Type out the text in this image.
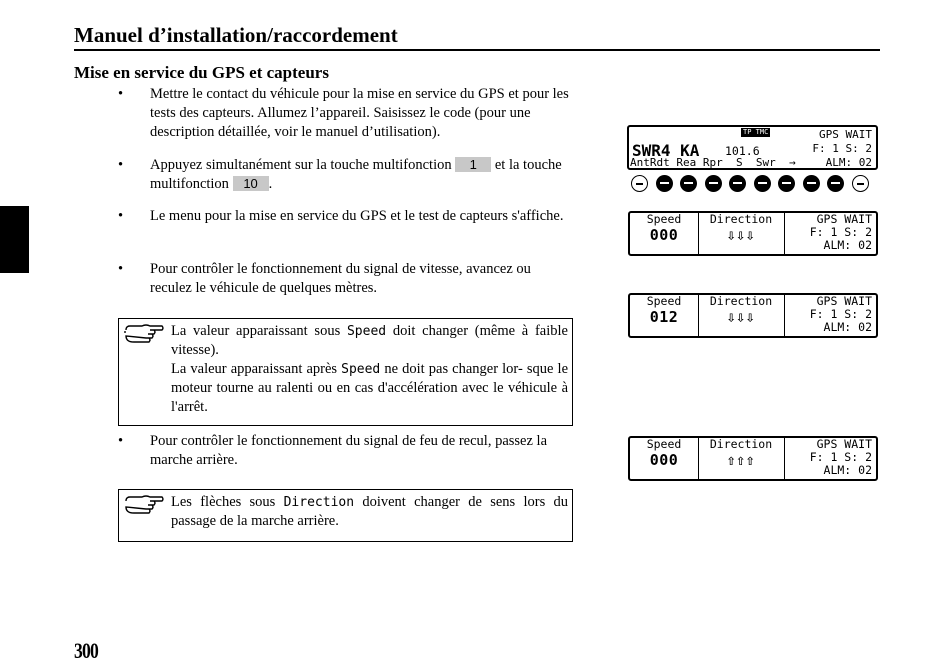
Manuel d’installation/raccordement
Mise en service du GPS et capteurs
• Mettre le contact du véhicule pour la mise en service du GPS et pour les tests des capteurs. Allumez l’appareil. Saisissez le code (pour une description détaillée, voir le manuel d’utilisation).
• Appuyez simultanément sur la touche multifonction 1 et la touche multifonction 10 .
• Le menu pour la mise en service du GPS et le test de capteurs s'affiche.
• Pour contrôler le fonctionnement du signal de vitesse, avancez ou reculez le véhicule de quelques mètres.
La valeur apparaissant sous Speed doit changer (même à faible vitesse).
La valeur apparaissant après Speed ne doit pas changer lor- sque le moteur tourne au ralenti ou en cas d'accélération avec le véhicule à l'arrêt.
• Pour contrôler le fonctionnement du signal de feu de recul, passez la marche arrière.
Les flèches sous Direction doivent changer de sens lors du passage de la marche arrière.
SWR4 KA
TP TMC
101.6
GPS WAIT
F: 1 S: 2
AntRdt Rea Rpr  S  Swr  →	ALM: 02
Speed
000
Direction
⇩⇩⇩
GPS WAIT
F: 1 S: 2
ALM: 02
Speed
012
Direction
⇩⇩⇩
GPS WAIT
F: 1 S: 2
ALM: 02
Speed
000
Direction
⇧⇧⇧
GPS WAIT
F: 1 S: 2
ALM: 02
300
